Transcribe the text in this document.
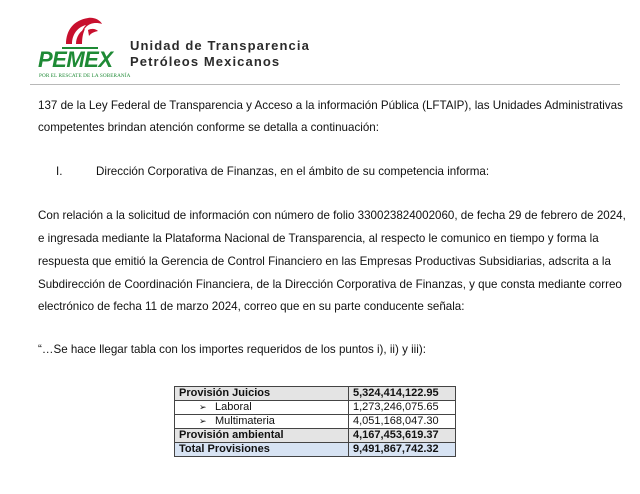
PEMEX
POR EL RESCATE DE LA SOBERANÍA
Unidad de Transparencia
Petróleos Mexicanos
137 de la Ley Federal de Transparencia y Acceso a la información Pública (LFTAIP), las Unidades Administrativas
competentes brindan atención conforme se detalla a continuación:
I.	Dirección Corporativa de Finanzas, en el ámbito de su competencia informa:
Con relación a la solicitud de información con número de folio 330023824002060, de fecha 29 de febrero de 2024,
e ingresada mediante la Plataforma Nacional de Transparencia, al respecto le comunico en tiempo y forma la
respuesta que emitió la Gerencia de Control Financiero en las Empresas Productivas Subsidiarias, adscrita a la
Subdirección de Coordinación Financiera, de la Dirección Corporativa de Finanzas, y que consta mediante correo
electrónico de fecha 11 de marzo 2024, correo que en su parte conducente señala:
“…Se hace llegar tabla con los importes requeridos de los puntos i), ii) y iii):
Provisión Juicios	5,324,414,122.95
➢ Laboral	1,273,246,075.65
➢ Multimateria	4,051,168,047.30
Provisión ambiental	4,167,453,619.37
Total Provisiones	9,491,867,742.32
